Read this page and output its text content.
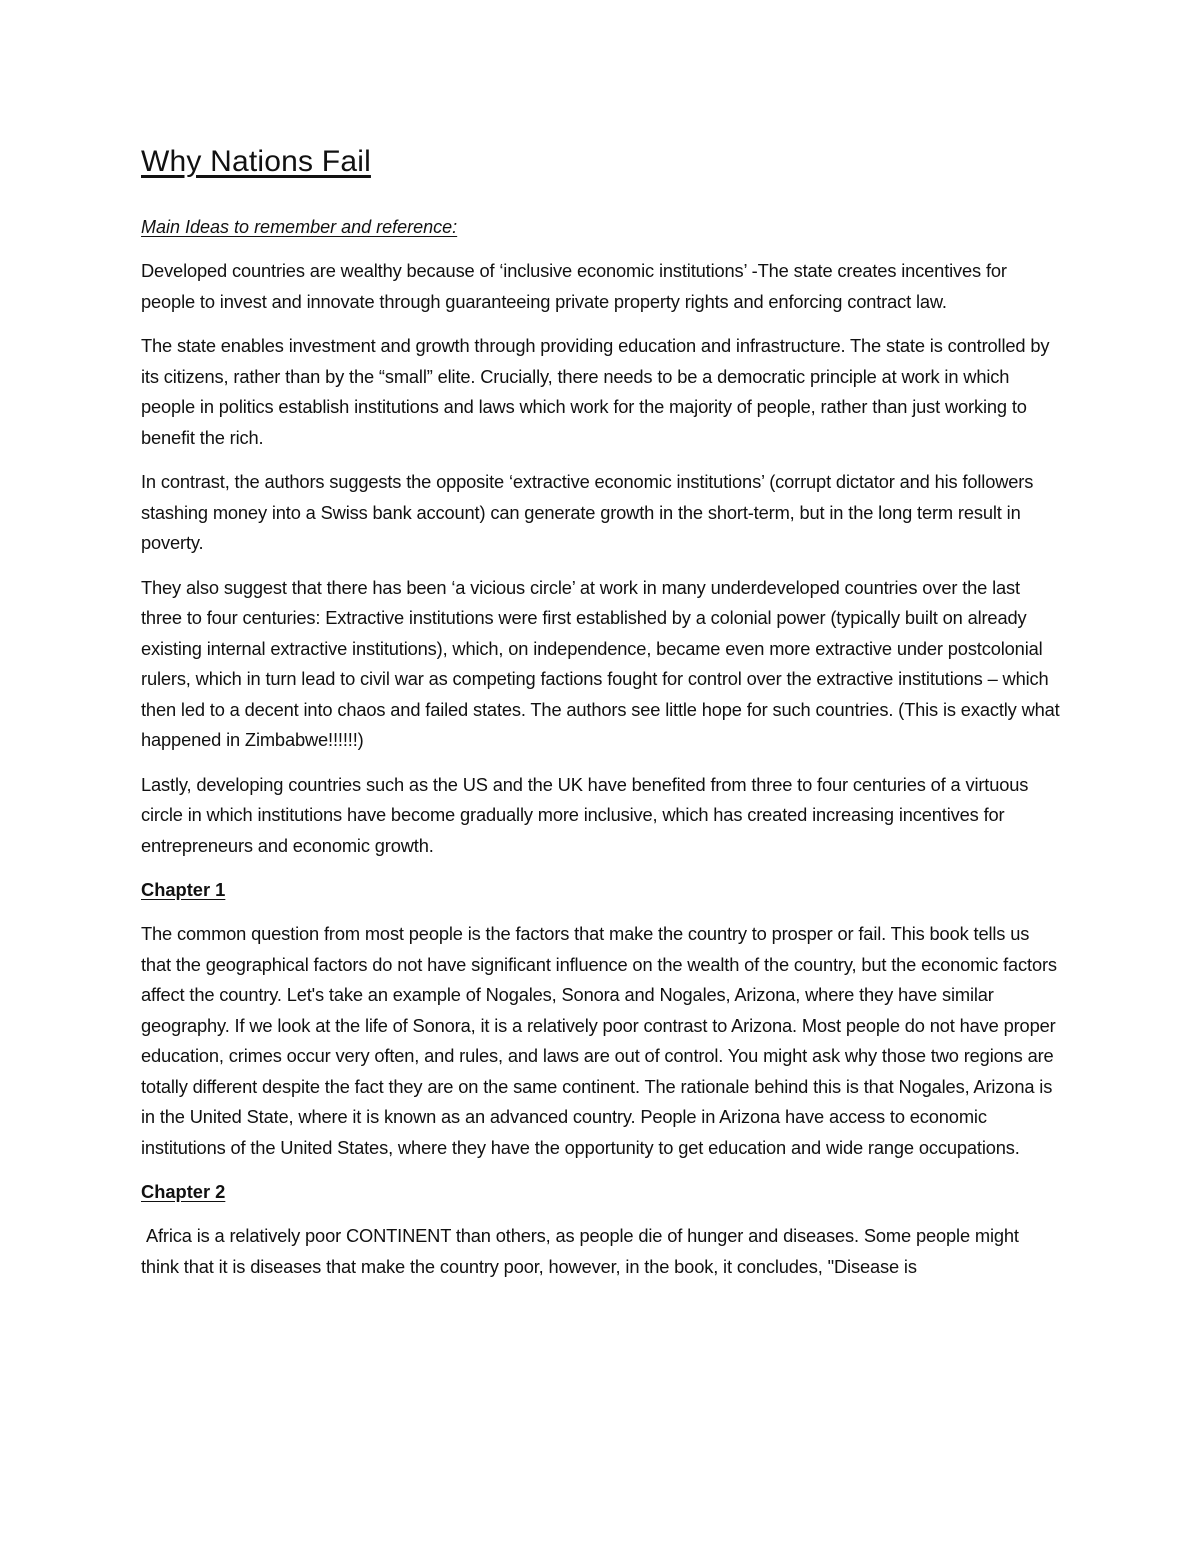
Why Nations Fail

Main Ideas to remember and reference:

Developed countries are wealthy because of ‘inclusive economic institutions’ -The state creates incentives for people to invest and innovate through guaranteeing private property rights and enforcing contract law.

The state enables investment and growth through providing education and infrastructure. The state is controlled by its citizens, rather than by the “small” elite. Crucially, there needs to be a democratic principle at work in which people in politics establish institutions and laws which work for the majority of people, rather than just working to benefit the rich.

In contrast, the authors suggests the opposite ‘extractive economic institutions’ (corrupt dictator and his followers stashing money into a Swiss bank account) can generate growth in the short-term, but in the long term result in poverty.

They also suggest that there has been ‘a vicious circle’ at work in many underdeveloped countries over the last three to four centuries: Extractive institutions were first established by a colonial power (typically built on already existing internal extractive institutions), which, on independence, became even more extractive under postcolonial rulers, which in turn lead to civil war as competing factions fought for control over the extractive institutions – which then led to a decent into chaos and failed states. The authors see little hope for such countries. (This is exactly what happened in Zimbabwe!!!!!!)

Lastly, developing countries such as the US and the UK have benefited from three to four centuries of a virtuous circle in which institutions have become gradually more inclusive, which has created increasing incentives for entrepreneurs and economic growth.

Chapter 1

The common question from most people is the factors that make the country to prosper or fail. This book tells us that the geographical factors do not have significant influence on the wealth of the country, but the economic factors affect the country. Let's take an example of Nogales, Sonora and Nogales, Arizona, where they have similar geography. If we look at the life of Sonora, it is a relatively poor contrast to Arizona. Most people do not have proper education, crimes occur very often, and rules, and laws are out of control. You might ask why those two regions are totally different despite the fact they are on the same continent. The rationale behind this is that Nogales, Arizona is in the United State, where it is known as an advanced country. People in Arizona have access to economic institutions of the United States, where they have the opportunity to get education and wide range occupations.

Chapter 2

Africa is a relatively poor CONTINENT than others, as people die of hunger and diseases. Some people might think that it is diseases that make the country poor, however, in the book, it concludes, "Disease is
